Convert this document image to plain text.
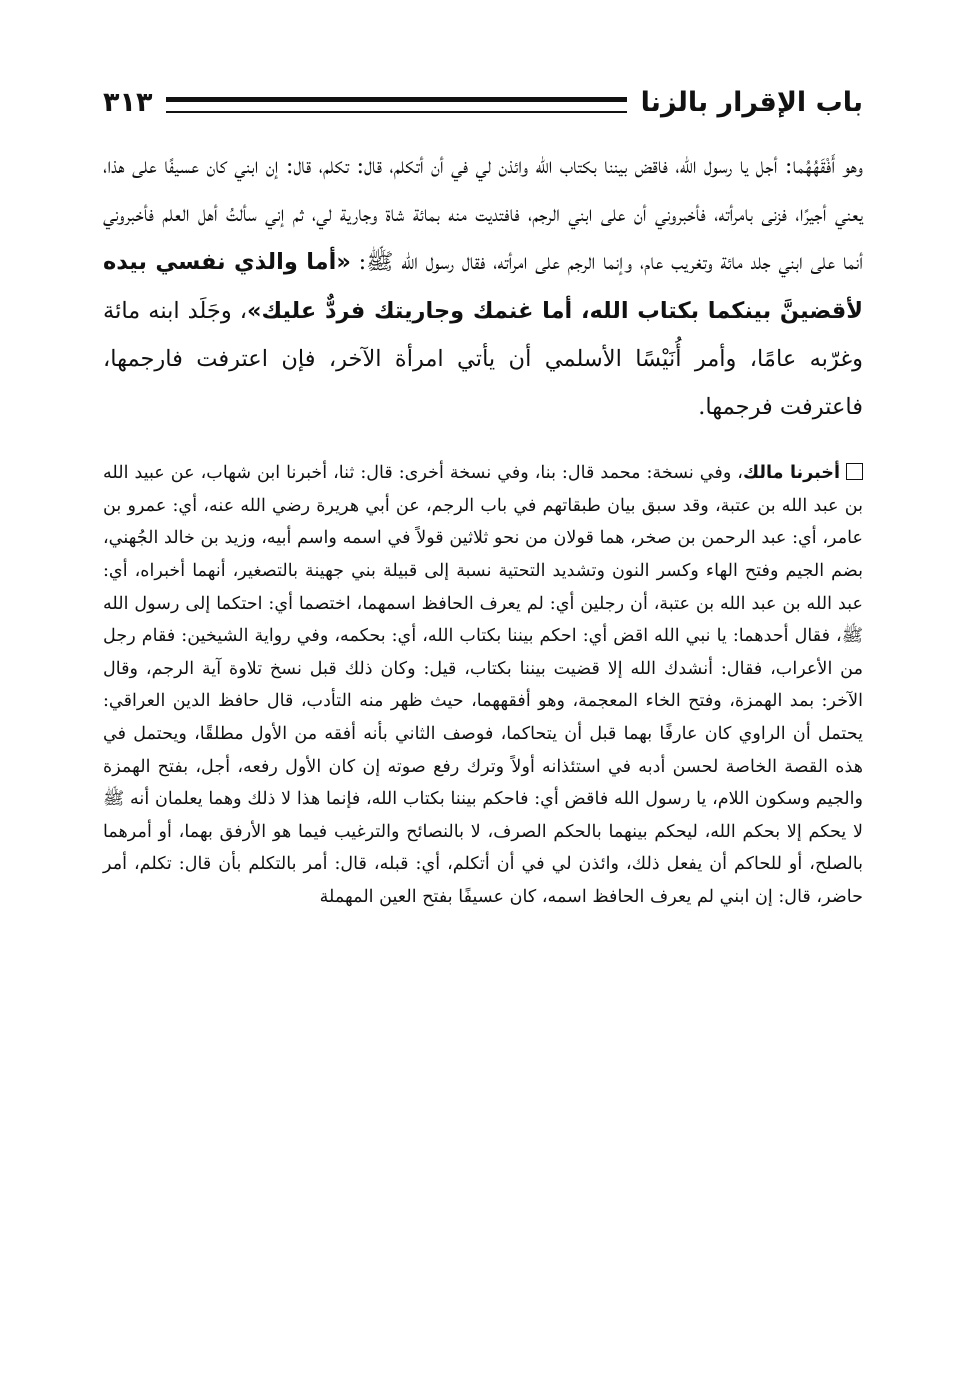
باب الإقرار بالزنا
٣١٣
وهو أَفْقَهُهُما: أجل يا رسول الله، فاقض بيننا بكتاب الله وائذن لي في أن أتكلم، قال: تكلم، قال: إن ابني كان عسيفًا على هذا، يعني أجيرًا، فزنى بامرأته، فأخبروني أن على ابني الرجم، فافتديت منه بمائة شاة وجارية لي، ثم إني سألتُ أهل العلم فأخبروني أنما على ابني جلد مائة وتغريب عام، وإنما الرجم على امرأته، فقال رسول الله ﷺ: «أما والذي نفسي بيده لأقضينَّ بينكما بكتاب الله، أما غنمك وجاريتك فردٌّ عليك»، وجَلَد ابنه مائة وغرّبه عامًا، وأمر أُنَيْسًا الأسلمي أن يأتي امرأة الآخر، فإن اعترفت فارجمها، فاعترفت فرجمها.
أخبرنا مالك، وفي نسخة: محمد قال: بنا، وفي نسخة أخرى: قال: ثنا، أخبرنا ابن شهاب، عن عبيد الله بن عبد الله بن عتبة، وقد سبق بيان طبقاتهم في باب الرجم، عن أبي هريرة رضي الله عنه، أي: عمرو بن عامر، أي: عبد الرحمن بن صخر، هما قولان من نحو ثلاثين قولاً في اسمه واسم أبيه، وزيد بن خالد الجُهني، بضم الجيم وفتح الهاء وكسر النون وتشديد التحتية نسبة إلى قبيلة بني جهينة بالتصغير، أنهما أخبراه، أي: عبد الله بن عبد الله بن عتبة، أن رجلين أي: لم يعرف الحافظ اسمهما، اختصما أي: احتكما إلى رسول الله ﷺ، فقال أحدهما: يا نبي الله اقض أي: احكم بيننا بكتاب الله، أي: بحكمه، وفي رواية الشيخين: فقام رجل من الأعراب، فقال: أنشدك الله إلا قضيت بيننا بكتاب، قيل: وكان ذلك قبل نسخ تلاوة آية الرجم، وقال الآخر: بمد الهمزة، وفتح الخاء المعجمة، وهو أفقههما، حيث ظهر منه التأدب، قال حافظ الدين العراقي: يحتمل أن الراوي كان عارفًا بهما قبل أن يتحاكما، فوصف الثاني بأنه أفقه من الأول مطلقًا، ويحتمل في هذه القصة الخاصة لحسن أدبه في استئذانه أولاً وترك رفع صوته إن كان الأول رفعه، أجل، بفتح الهمزة والجيم وسكون اللام، يا رسول الله فاقض أي: فاحكم بيننا بكتاب الله، فإنما هذا لا ذلك وهما يعلمان أنه ﷺ لا يحكم إلا بحكم الله، ليحكم بينهما بالحكم الصرف، لا بالنصائح والترغيب فيما هو الأرفق بهما، أو أمرهما بالصلح، أو للحاكم أن يفعل ذلك، وائذن لي في أن أتكلم، أي: قبله، قال: أمر بالتكلم بأن قال: تكلم، أمر حاضر، قال: إن ابني لم يعرف الحافظ اسمه، كان عسيفًا بفتح العين المهملة
